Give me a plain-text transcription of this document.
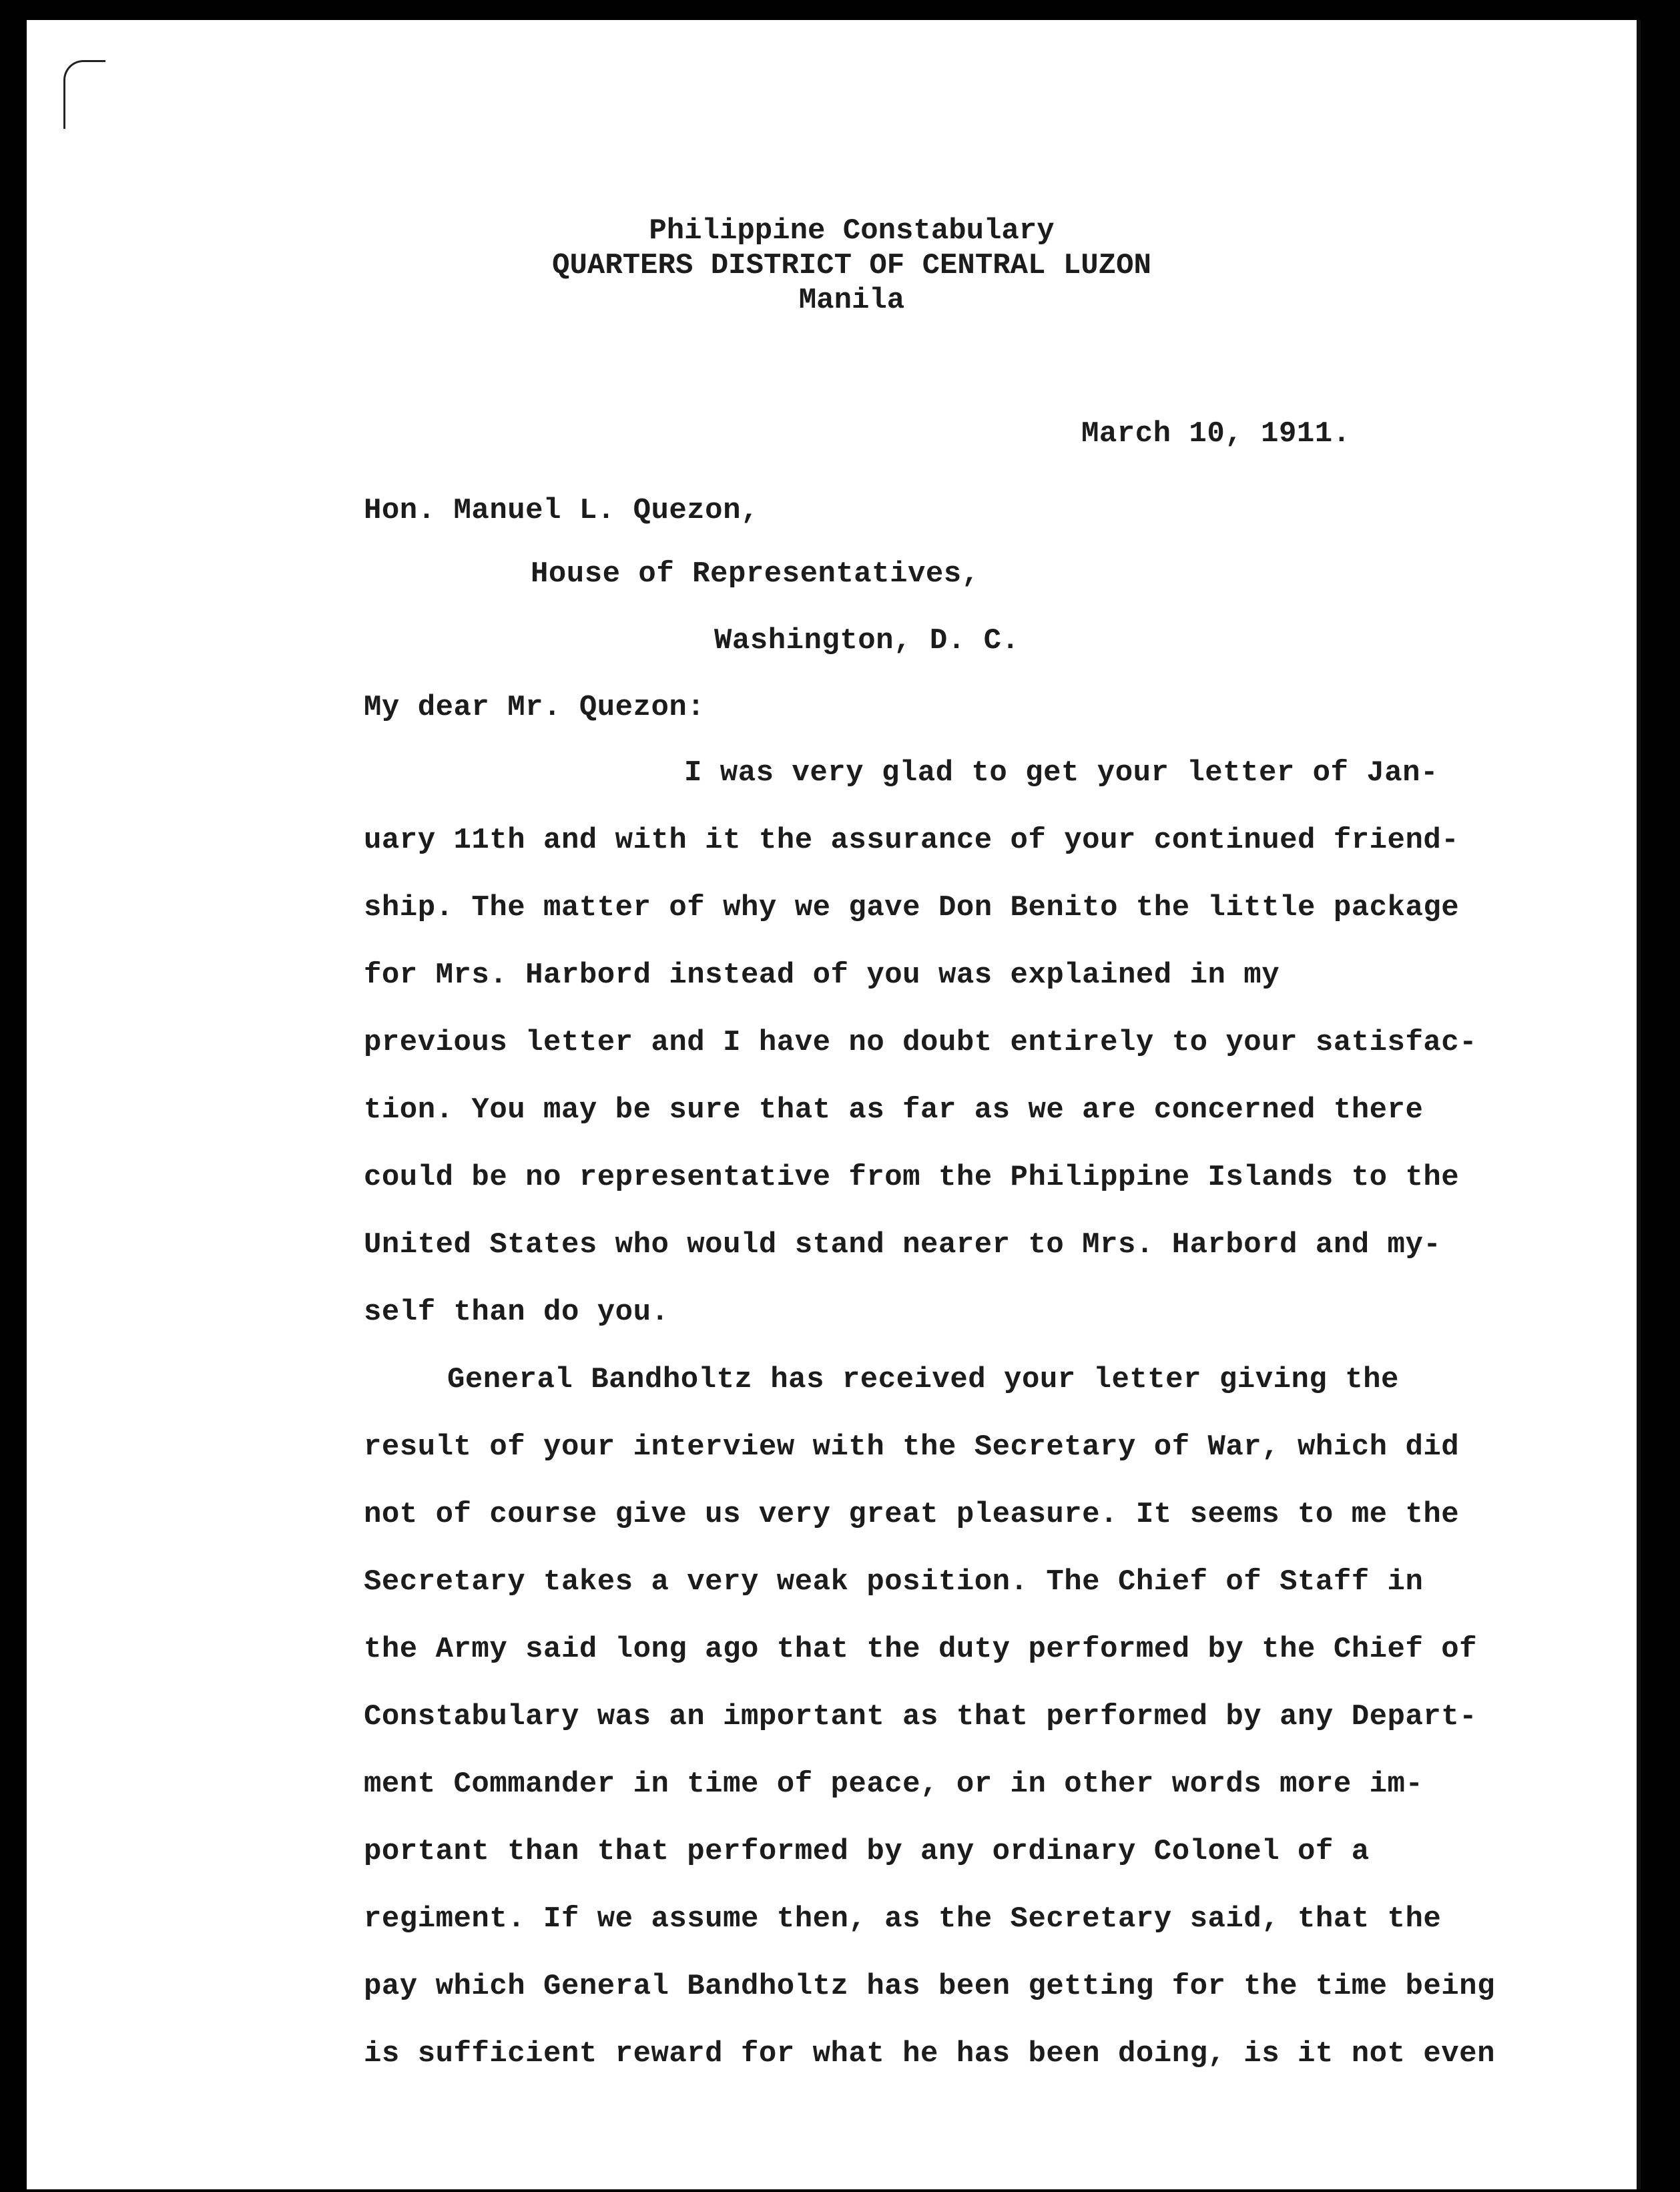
Philippine Constabulary
QUARTERS DISTRICT OF CENTRAL LUZON
Manila
March 10, 1911.
Hon. Manuel L. Quezon,
House of Representatives,
Washington, D. C.
My dear Mr. Quezon:
I was very glad to get your letter of Jan-
uary 11th and with it the assurance of your continued friend-
ship. The matter of why we gave Don Benito the little package
for Mrs. Harbord instead of you was explained in my
previous letter and I have no doubt entirely to your satisfac-
tion. You may be sure that as far as we are concerned there
could be no representative from the Philippine Islands to the
United States who would stand nearer to Mrs. Harbord and my-
self than do you.
General Bandholtz has received your letter giving the
result of your interview with the Secretary of War, which did
not of course give us very great pleasure. It seems to me the
Secretary takes a very weak position. The Chief of Staff in
the Army said long ago that the duty performed by the Chief of
Constabulary was an important as that performed by any Depart-
ment Commander in time of peace, or in other words more im-
portant than that performed by any ordinary Colonel of a
regiment. If we assume then, as the Secretary said, that the
pay which General Bandholtz has been getting for the time being
is sufficient reward for what he has been doing, is it not even
